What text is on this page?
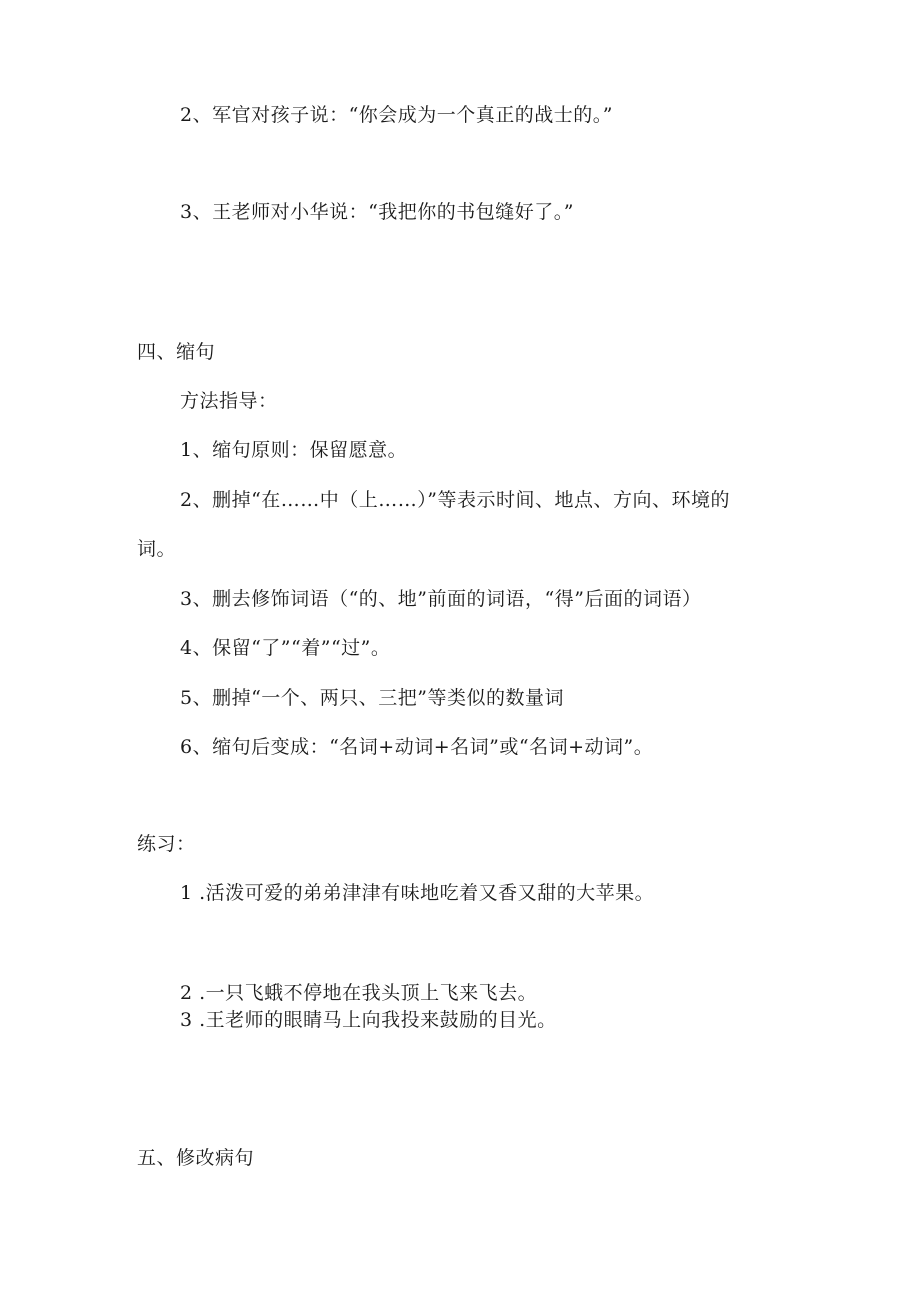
2、军官对孩子说：“你会成为一个真正的战士的。”
3、王老师对小华说：“我把你的书包缝好了。”
四、缩句
方法指导：
1、缩句原则：保留愿意。
2、删掉“在……中（上……）”等表示时间、地点、方向、环境的
词。
3、删去修饰词语（“的、地”前面的词语，“得”后面的词语）
4、保留“了”“着”“过”。
5、删掉“一个、两只、三把”等类似的数量词
6、缩句后变成：“名词+动词+名词”或“名词+动词”。
练习：
1 .活泼可爱的弟弟津津有味地吃着又香又甜的大苹果。
2 .一只飞蛾不停地在我头顶上飞来飞去。
3 .王老师的眼睛马上向我投来鼓励的目光。
五、修改病句
